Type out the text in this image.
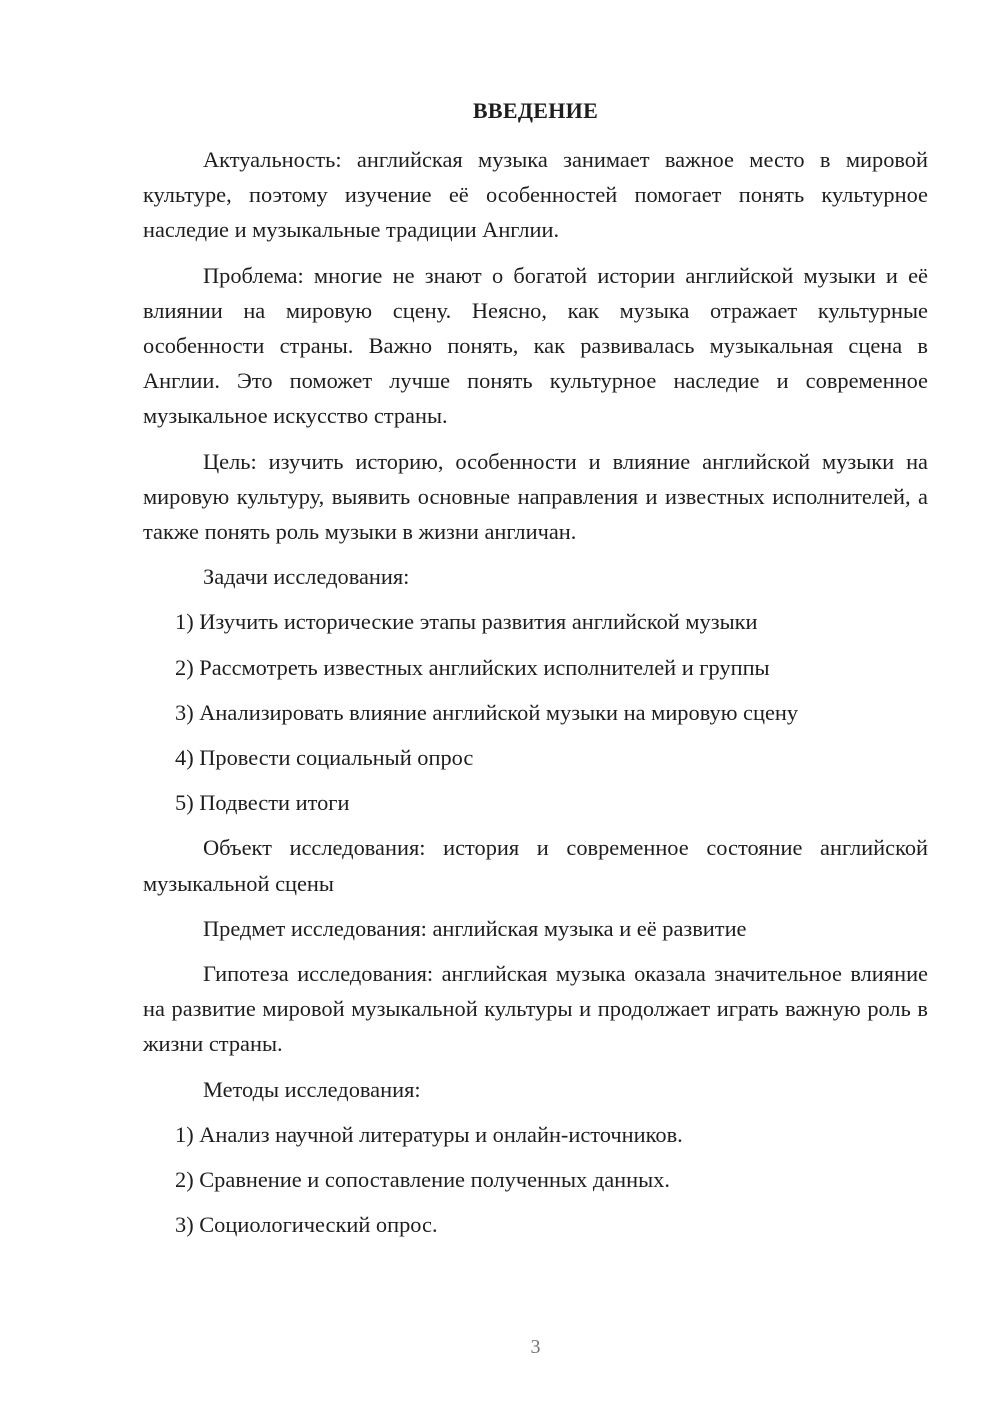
ВВЕДЕНИЕ

Актуальность: английская музыка занимает важное место в мировой культуре, поэтому изучение её особенностей помогает понять культурное наследие и музыкальные традиции Англии.

Проблема: многие не знают о богатой истории английской музыки и её влиянии на мировую сцену. Неясно, как музыка отражает культурные особенности страны. Важно понять, как развивалась музыкальная сцена в Англии. Это поможет лучше понять культурное наследие и современное музыкальное искусство страны.

Цель: изучить историю, особенности и влияние английской музыки на мировую культуру, выявить основные направления и известных исполнителей, а также понять роль музыки в жизни англичан.

Задачи исследования:

1) Изучить исторические этапы развития английской музыки

2) Рассмотреть известных английских исполнителей и группы

3) Анализировать влияние английской музыки на мировую сцену

4) Провести социальный опрос

5) Подвести итоги

Объект исследования: история и современное состояние английской музыкальной сцены

Предмет исследования: английская музыка и её развитие

Гипотеза исследования: английская музыка оказала значительное влияние на развитие мировой музыкальной культуры и продолжает играть важную роль в жизни страны.

Методы исследования:

1) Анализ научной литературы и онлайн-источников.

2) Сравнение и сопоставление полученных данных.

3) Социологический опрос.

3
